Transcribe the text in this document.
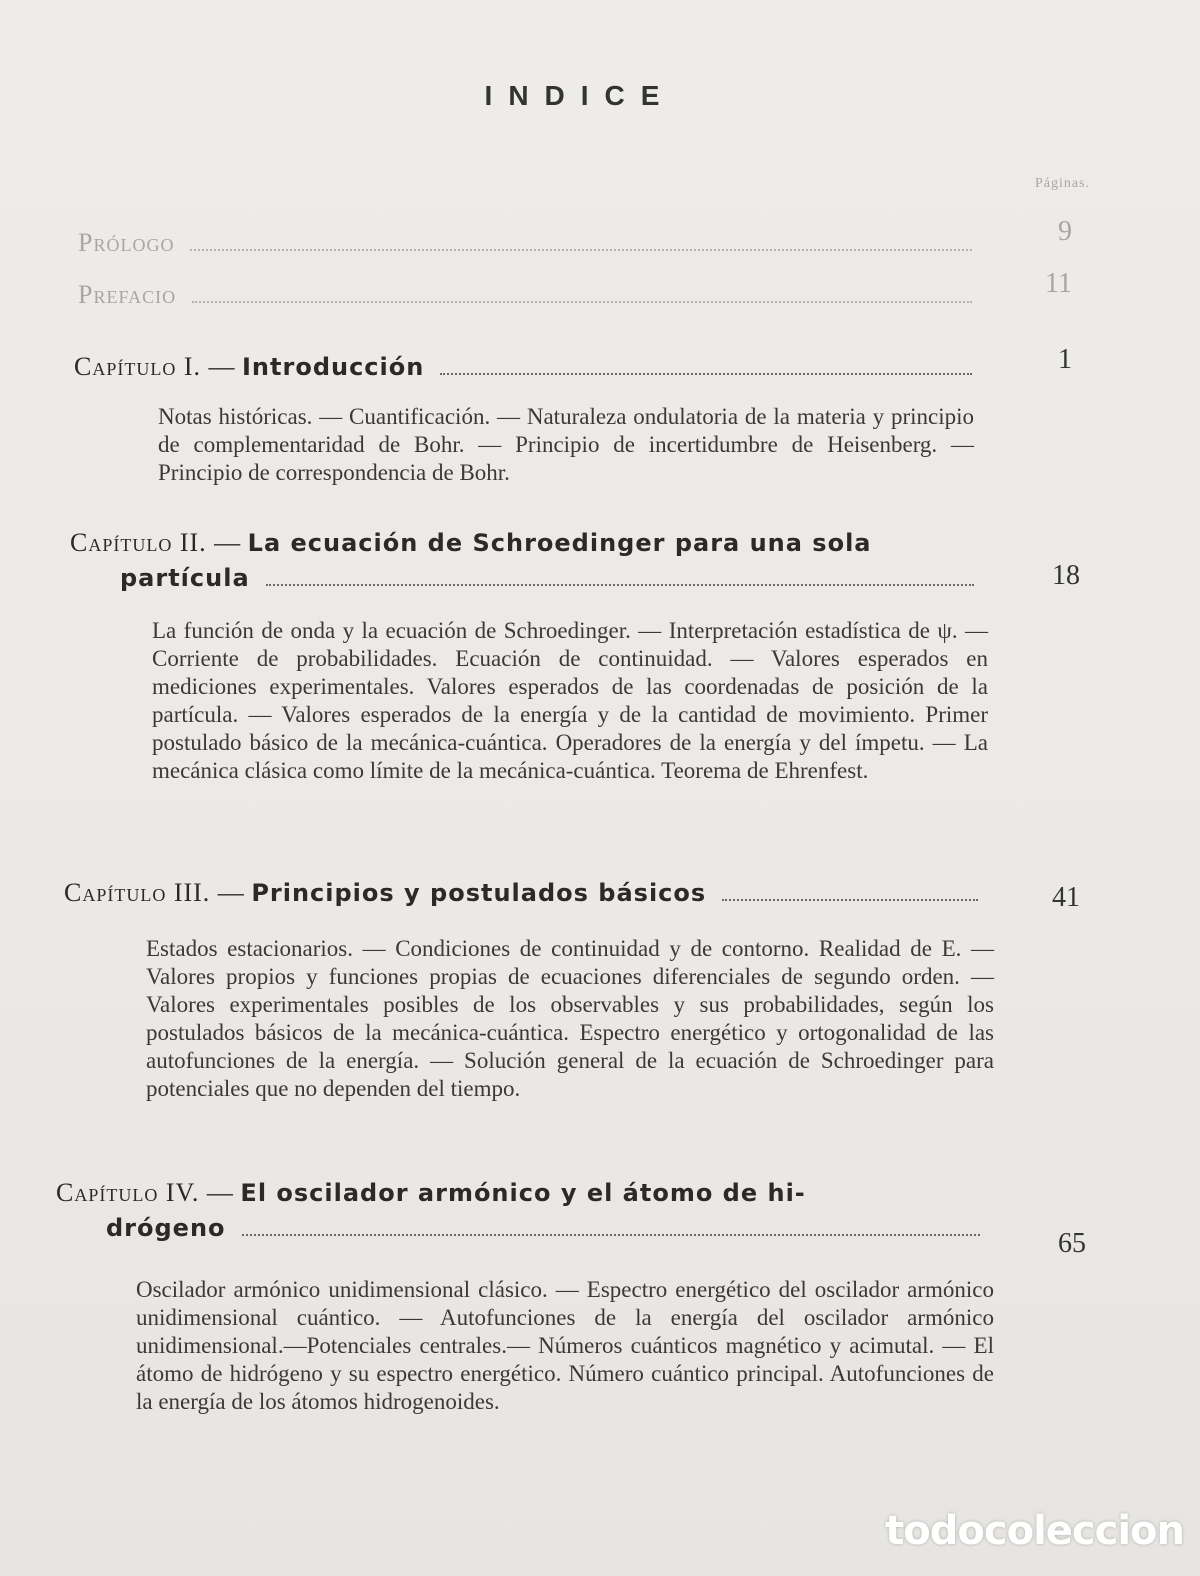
INDICE
Páginas.
Prólogo	9
Prefacio	11
Capítulo I. — Introducción	1
Notas históricas. — Cuantificación. — Naturaleza ondulatoria de la materia y principio de complementaridad de Bohr. — Principio de incertidumbre de Heisenberg. — Principio de correspondencia de Bohr.
Capítulo II. — La ecuación de Schroedinger para una sola
partícula	18
La función de onda y la ecuación de Schroedinger. — Interpretación estadística de ψ. — Corriente de probabilidades. Ecuación de continuidad. — Valores esperados en mediciones experimentales. Valores esperados de las coordenadas de posición de la partícula. — Valores esperados de la energía y de la cantidad de movimiento. Primer postulado básico de la mecánica-cuántica. Operadores de la energía y del ímpetu. — La mecánica clásica como límite de la mecánica-cuántica. Teorema de Ehrenfest.
Capítulo III. — Principios y postulados básicos	41
Estados estacionarios. — Condiciones de continuidad y de contorno. Realidad de E. — Valores propios y funciones propias de ecuaciones diferenciales de segundo orden. — Valores experimentales posibles de los observables y sus probabilidades, según los postulados básicos de la mecánica-cuántica. Espectro energético y ortogonalidad de las autofunciones de la energía. — Solución general de la ecuación de Schroedinger para potenciales que no dependen del tiempo.
Capítulo IV. — El oscilador armónico y el átomo de hi-
drógeno	65
Oscilador armónico unidimensional clásico. — Espectro energético del oscilador armónico unidimensional cuántico. — Autofunciones de la energía del oscilador armónico unidimensional.—Potenciales centrales.— Números cuánticos magnético y acimutal. — El átomo de hidrógeno y su espectro energético. Número cuántico principal. Autofunciones de la energía de los átomos hidrogenoides.
todocoleccion
